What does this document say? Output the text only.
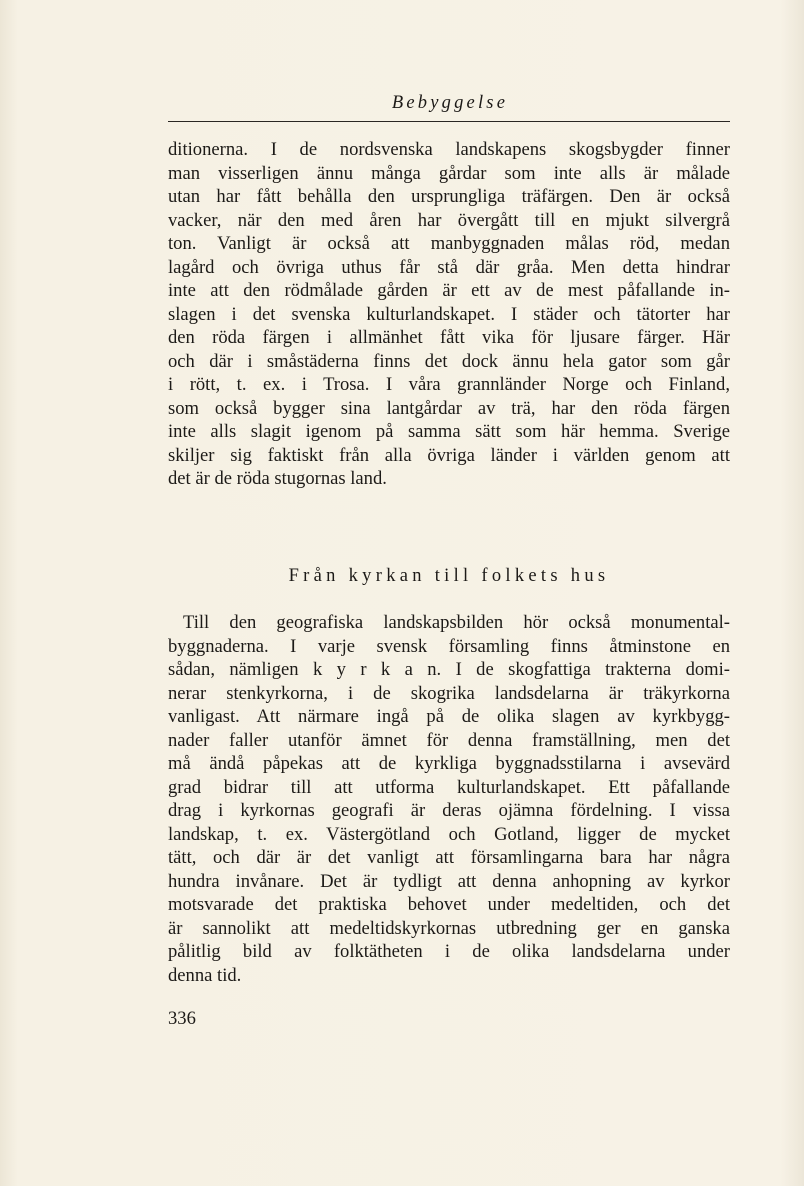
Bebyggelse
ditionerna. I de nordsvenska landskapens skogsbygder finner
man visserligen ännu många gårdar som inte alls är målade
utan har fått behålla den ursprungliga träfärgen. Den är också
vacker, när den med åren har övergått till en mjukt silvergrå
ton. Vanligt är också att manbyggnaden målas röd, medan
lagård och övriga uthus får stå där gråa. Men detta hindrar
inte att den rödmålade gården är ett av de mest påfallande in-
slagen i det svenska kulturlandskapet. I städer och tätorter har
den röda färgen i allmänhet fått vika för ljusare färger. Här
och där i småstäderna finns det dock ännu hela gator som går
i rött, t. ex. i Trosa. I våra grannländer Norge och Finland,
som också bygger sina lantgårdar av trä, har den röda färgen
inte alls slagit igenom på samma sätt som här hemma. Sverige
skiljer sig faktiskt från alla övriga länder i världen genom att
det är de röda stugornas land.
Från kyrkan till folkets hus
Till den geografiska landskapsbilden hör också monumental-
byggnaderna. I varje svensk församling finns åtminstone en
sådan, nämligen k y r k a n. I de skogfattiga trakterna domi-
nerar stenkyrkorna, i de skogrika landsdelarna är träkyrkorna
vanligast. Att närmare ingå på de olika slagen av kyrkbygg-
nader faller utanför ämnet för denna framställning, men det
må ändå påpekas att de kyrkliga byggnadsstilarna i avsevärd
grad bidrar till att utforma kulturlandskapet. Ett påfallande
drag i kyrkornas geografi är deras ojämna fördelning. I vissa
landskap, t. ex. Västergötland och Gotland, ligger de mycket
tätt, och där är det vanligt att församlingarna bara har några
hundra invånare. Det är tydligt att denna anhopning av kyrkor
motsvarade det praktiska behovet under medeltiden, och det
är sannolikt att medeltidskyrkornas utbredning ger en ganska
pålitlig bild av folktätheten i de olika landsdelarna under
denna tid.
336
